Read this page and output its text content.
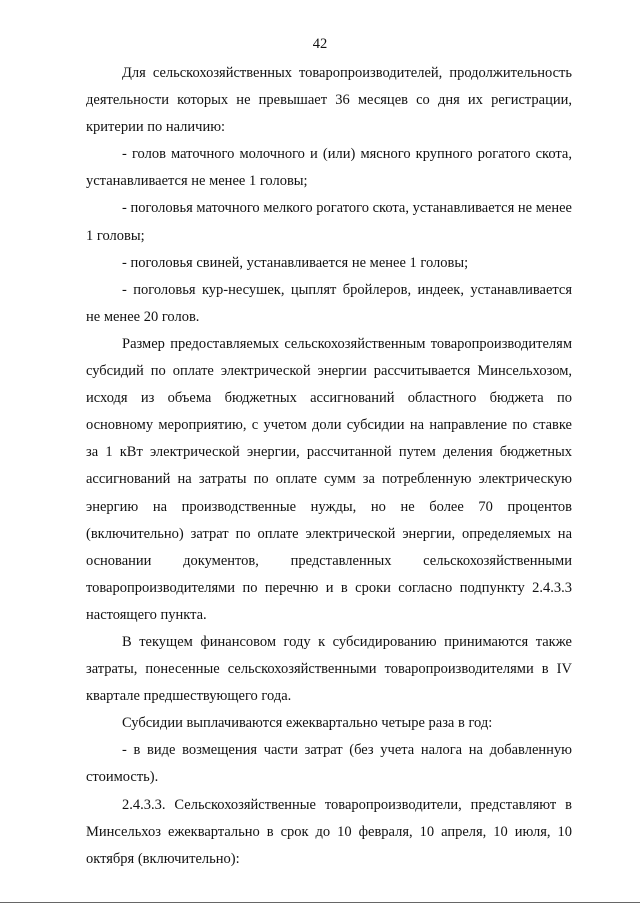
42

Для сельскохозяйственных товаропроизводителей, продолжительность деятельности которых не превышает 36 месяцев со дня их регистрации, критерии по наличию:

- голов маточного молочного и (или) мясного крупного рогатого скота, устанавливается не менее 1 головы;

- поголовья маточного мелкого рогатого скота, устанавливается не менее 1 головы;

- поголовья свиней, устанавливается не менее 1 головы;

- поголовья кур-несушек, цыплят бройлеров, индеек, устанавливается не менее 20 голов.

Размер предоставляемых сельскохозяйственным товаропроизводителям субсидий по оплате электрической энергии рассчитывается Минсельхозом, исходя из объема бюджетных ассигнований областного бюджета по основному мероприятию, с учетом доли субсидии на направление по ставке за 1 кВт электрической энергии, рассчитанной путем деления бюджетных ассигнований на затраты по оплате сумм за потребленную электрическую энергию на производственные нужды, но не более 70 процентов (включительно) затрат по оплате электрической энергии, определяемых на основании документов, представленных сельскохозяйственными товаропроизводителями по перечню и в сроки согласно подпункту 2.4.3.3 настоящего пункта.

В текущем финансовом году к субсидированию принимаются также затраты, понесенные сельскохозяйственными товаропроизводителями в IV квартале предшествующего года.

Субсидии выплачиваются ежеквартально четыре раза в год:

- в виде возмещения части затрат (без учета налога на добавленную стоимость).

2.4.3.3. Сельскохозяйственные товаропроизводители, представляют в Минсельхоз ежеквартально в срок до 10 февраля, 10 апреля, 10 июля, 10 октября (включительно):
